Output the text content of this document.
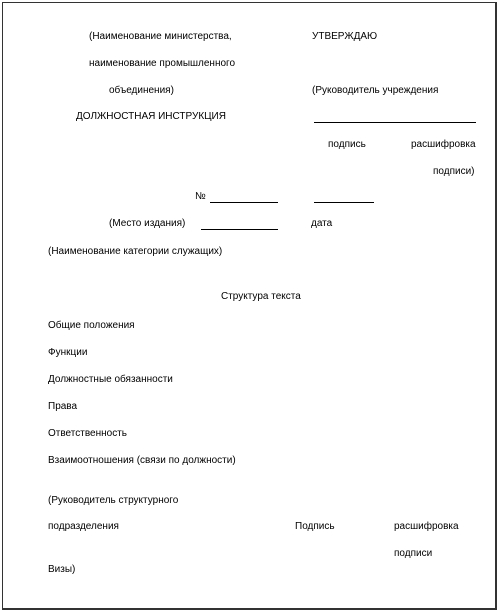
(Наименование министерства,
наименование промышленного
объединения)
УТВЕРЖДАЮ
(Руководитель учреждения
ДОЛЖНОСТНАЯ ИНСТРУКЦИЯ
подпись	расшифровка
подписи)
№
(Место издания)	дата
(Наименование категории служащих)
Структура текста
Общие положения
Функции
Должностные обязанности
Права
Ответственность
Взаимоотношения (связи по должности)
(Руководитель структурного
подразделения	Подпись	расшифровка
подписи
Визы)
